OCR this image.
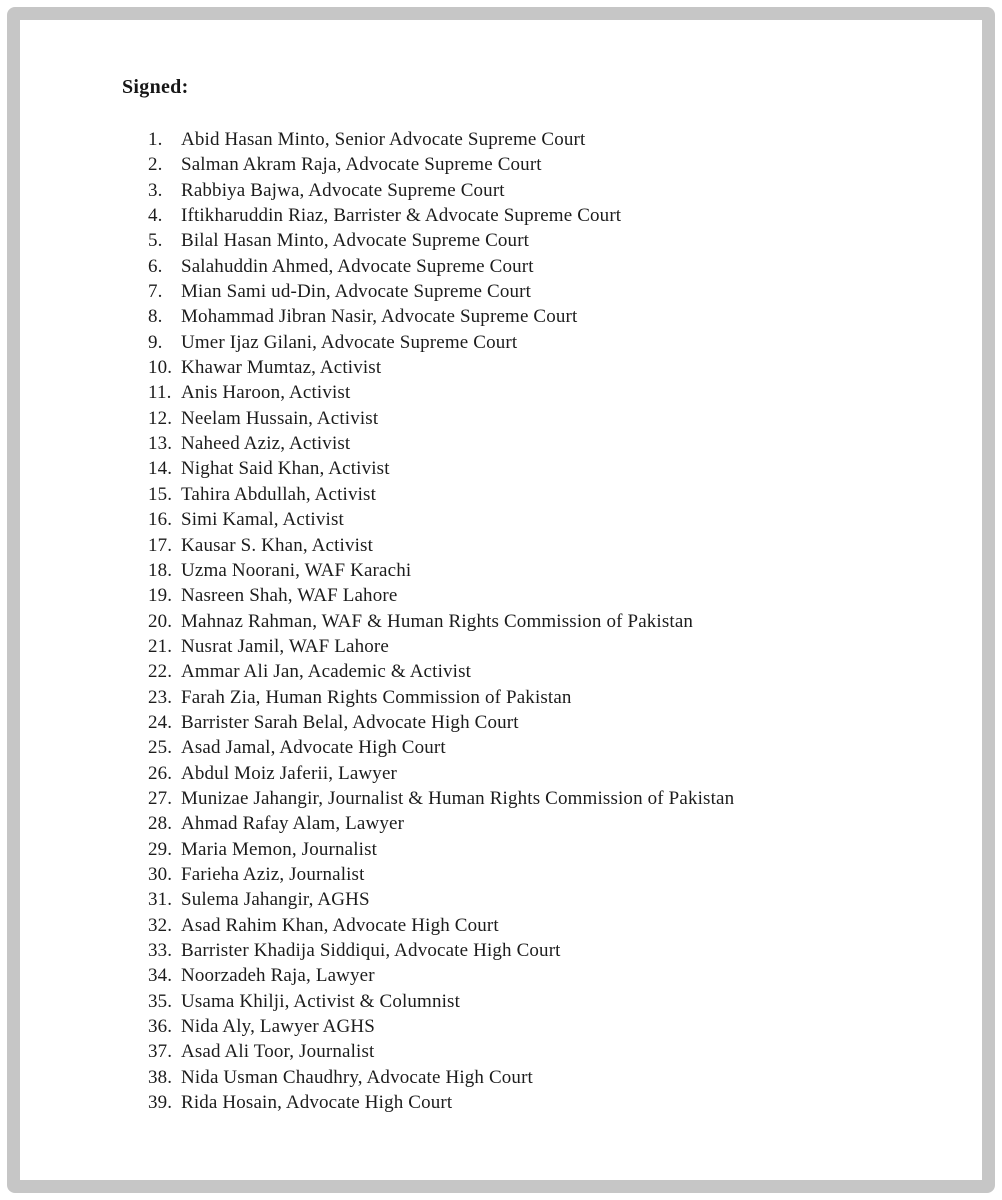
Signed:
1. Abid Hasan Minto, Senior Advocate Supreme Court
2. Salman Akram Raja, Advocate Supreme Court
3. Rabbiya Bajwa, Advocate Supreme Court
4. Iftikharuddin Riaz, Barrister & Advocate Supreme Court
5. Bilal Hasan Minto, Advocate Supreme Court
6. Salahuddin Ahmed, Advocate Supreme Court
7. Mian Sami ud-Din, Advocate Supreme Court
8. Mohammad Jibran Nasir, Advocate Supreme Court
9. Umer Ijaz Gilani, Advocate Supreme Court
10. Khawar Mumtaz, Activist
11. Anis Haroon, Activist
12. Neelam Hussain, Activist
13. Naheed Aziz, Activist
14. Nighat Said Khan, Activist
15. Tahira Abdullah, Activist
16. Simi Kamal, Activist
17. Kausar S. Khan, Activist
18. Uzma Noorani, WAF Karachi
19. Nasreen Shah, WAF Lahore
20. Mahnaz Rahman, WAF & Human Rights Commission of Pakistan
21. Nusrat Jamil, WAF Lahore
22. Ammar Ali Jan, Academic & Activist
23. Farah Zia, Human Rights Commission of Pakistan
24. Barrister Sarah Belal, Advocate High Court
25. Asad Jamal, Advocate High Court
26. Abdul Moiz Jaferii, Lawyer
27. Munizae Jahangir, Journalist & Human Rights Commission of Pakistan
28. Ahmad Rafay Alam, Lawyer
29. Maria Memon, Journalist
30. Farieha Aziz, Journalist
31. Sulema Jahangir, AGHS
32. Asad Rahim Khan, Advocate High Court
33. Barrister Khadija Siddiqui, Advocate High Court
34. Noorzadeh Raja, Lawyer
35. Usama Khilji, Activist & Columnist
36. Nida Aly, Lawyer AGHS
37. Asad Ali Toor, Journalist
38. Nida Usman Chaudhry, Advocate High Court
39. Rida Hosain, Advocate High Court
